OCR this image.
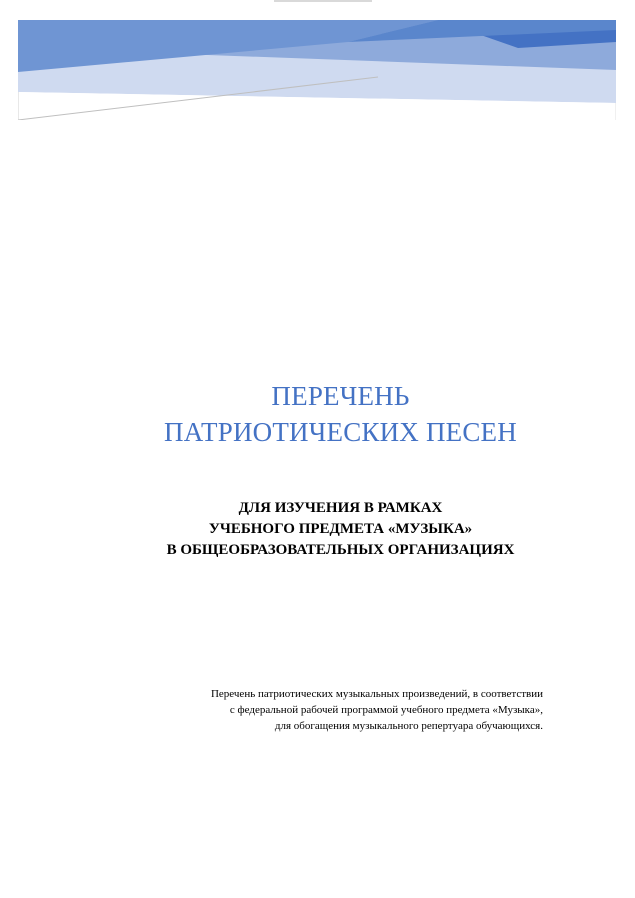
ПЕРЕЧЕНЬ
ПАТРИОТИЧЕСКИХ ПЕСЕН
ДЛЯ ИЗУЧЕНИЯ В РАМКАХ
УЧЕБНОГО ПРЕДМЕТА «МУЗЫКА»
В ОБЩЕОБРАЗОВАТЕЛЬНЫХ ОРГАНИЗАЦИЯХ
Перечень патриотических музыкальных произведений, в соответствии
с федеральной рабочей программой учебного предмета «Музыка»,
для обогащения музыкального репертуара обучающихся.
